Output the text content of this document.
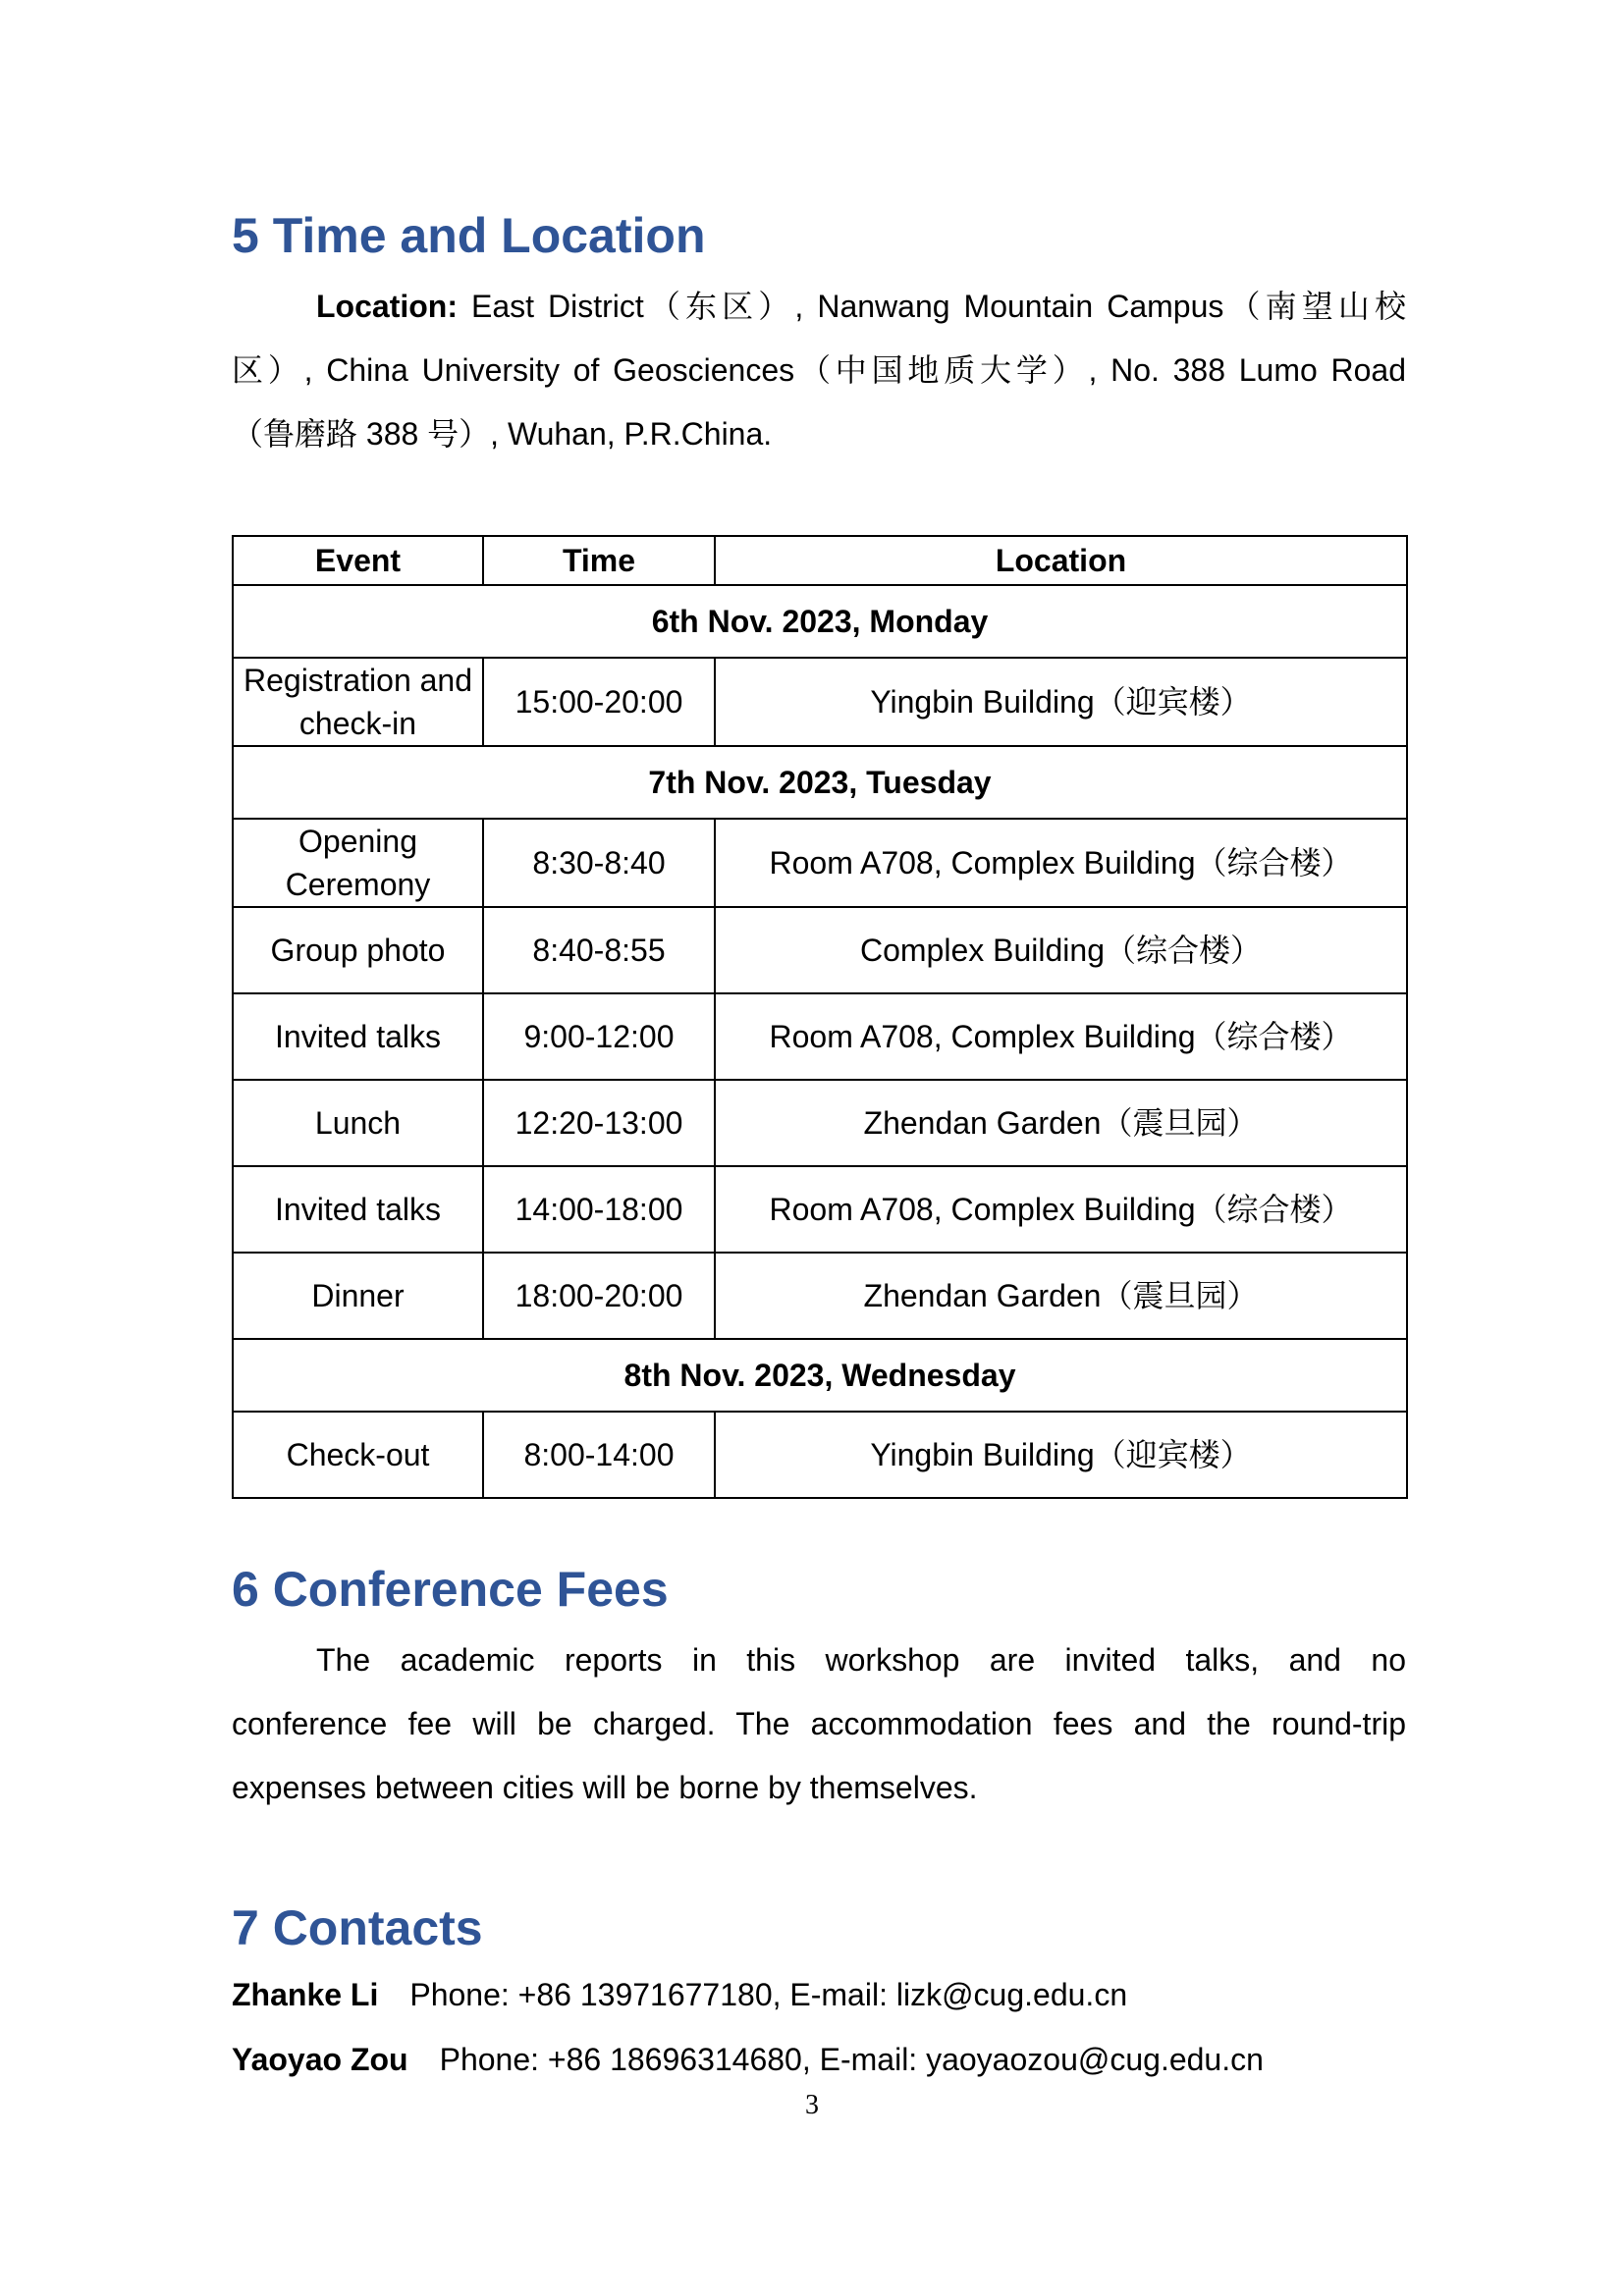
5 Time and Location
Location: East District（东区）, Nanwang Mountain Campus（南望山校
区）, China University of Geosciences（中国地质大学）, No. 388 Lumo Road
（鲁磨路 388 号）, Wuhan, P.R.China.
Event	Time	Location
6th Nov. 2023, Monday		
Registration and check-in	15:00-20:00	Yingbin Building（迎宾楼）
7th Nov. 2023, Tuesday		
Opening Ceremony	8:30-8:40	Room A708, Complex Building（综合楼）
Group photo	8:40-8:55	Complex Building（综合楼）
Invited talks	9:00-12:00	Room A708, Complex Building（综合楼）
Lunch	12:20-13:00	Zhendan Garden（震旦园）
Invited talks	14:00-18:00	Room A708, Complex Building（综合楼）
Dinner	18:00-20:00	Zhendan Garden（震旦园）
8th Nov. 2023, Wednesday		
Check-out	8:00-14:00	Yingbin Building（迎宾楼）
6 Conference Fees
The academic reports in this workshop are invited talks, and no
conference fee will be charged. The accommodation fees and the round-trip
expenses between cities will be borne by themselves.
7 Contacts
Zhanke Li Phone: +86 13971677180, E-mail: lizk@cug.edu.cn
Yaoyao Zou Phone: +86 18696314680, E-mail: yaoyaozou@cug.edu.cn
3
